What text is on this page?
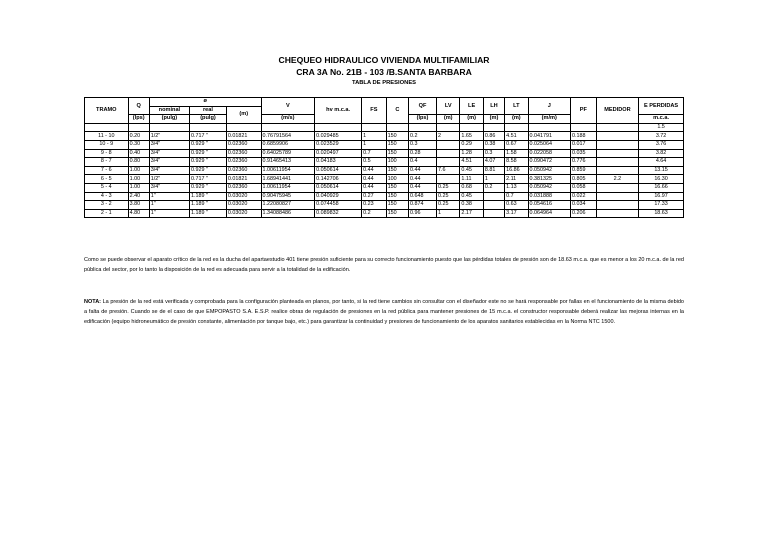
CHEQUEO HIDRAULICO VIVIENDA MULTIFAMILIAR
CRA 3A No. 21B - 103 /B.SANTA BARBARA
TABLA DE PRESIONES
TRAMO	Q	ø			V	hv m.c.a.	FS	C	QF	LV	LE	LH	LT	J	PF	MEDIDOR	E PERDIDAS
		nominal	real	(m)													
	(lps)	(pulg)	(pulg)		(m/s)				(lps)	(m)	(m)	(m)	(m)	(m/m)			m.c.a.
																	1.5
11 - 10	0.20	1/2"	0.717 "	0.01821	0.76791564	0.029485	1	150	0.2	2	1.65	0.86	4.51	0.041791	0.188		3.72
10 - 9	0.30	3/4"	0.929 "	0.02360	0.6859906	0.023529	1	150	0.3		0.29	0.38	0.67	0.025064	0.017		3.76
9 - 8	0.40	3/4"	0.929 "	0.02360	0.64025789	0.020497	0.7	150	0.28		1.28	0.3	1.58	0.022058	0.035		3.82
8 - 7	0.80	3/4"	0.929 "	0.02360	0.91465413	0.04183	0.5	100	0.4		4.51	4.07	8.58	0.090472	0.776		4.64
7 - 6	1.00	3/4"	0.929 "	0.02360	1.00611954	0.050614	0.44	150	0.44	7.6	0.45	8.81	16.86	0.050942	0.859		13.15
6 - 5	1.00	1/2"	0.717 "	0.01821	1.68941441	0.142706	0.44	100	0.44		1.11	1	2.11	0.381325	0.805	2.2	16.30
5 - 4	1.00	3/4"	0.929 "	0.02360	1.00611954	0.050614	0.44	150	0.44	0.25	0.68	0.2	1.13	0.050942	0.058		16.66
4 - 3	2.40	1"	1.189 "	0.03020	0.90475945	0.040929	0.27	150	0.648	0.25	0.45		0.7	0.031888	0.022		16.97
3 - 2	3.80	1"	1.189 "	0.03020	1.22080827	0.074458	0.23	150	0.874	0.25	0.38		0.63	0.054616	0.034		17.33
2 - 1	4.80	1"	1.189 "	0.03020	1.34088486	0.089832	0.2	150	0.96	1	2.17		3.17	0.064964	0.206		18.63
Como se puede observar el aparato crítico de la red es la ducha del apartaestudio 401 tiene presión suficiente para su correcto funcionamiento puesto que las pérdidas totales de presión son de 18.63 m.c.a. que es menor a los 20 m.c.a. de la red pública del sector, por lo tanto la disposición de la red es adecuada para servir a la totalidad de la edificación.
NOTA: La presión de la red está verificada y comprobada para la configuración planteada en planos, por tanto, si la red tiene cambios sin consultar con el diseñador este no se hará responsable por fallas en el funcionamiento de la misma debido a falta de presión. Cuando se de el caso de que EMPOPASTO S.A. E.S.P. realice obras de regulación de presiones en la red pública para mantener presiones de 15 m.c.a. el constructor responsable deberá realizar las mejoras internas en la edificación (equipo hidroneumático de presión constante, alimentación por tanque bajo, etc.) para garantizar la continuidad y presiones de funcionamiento de los aparatos sanitarios establecidas en la Norma NTC 1500.
